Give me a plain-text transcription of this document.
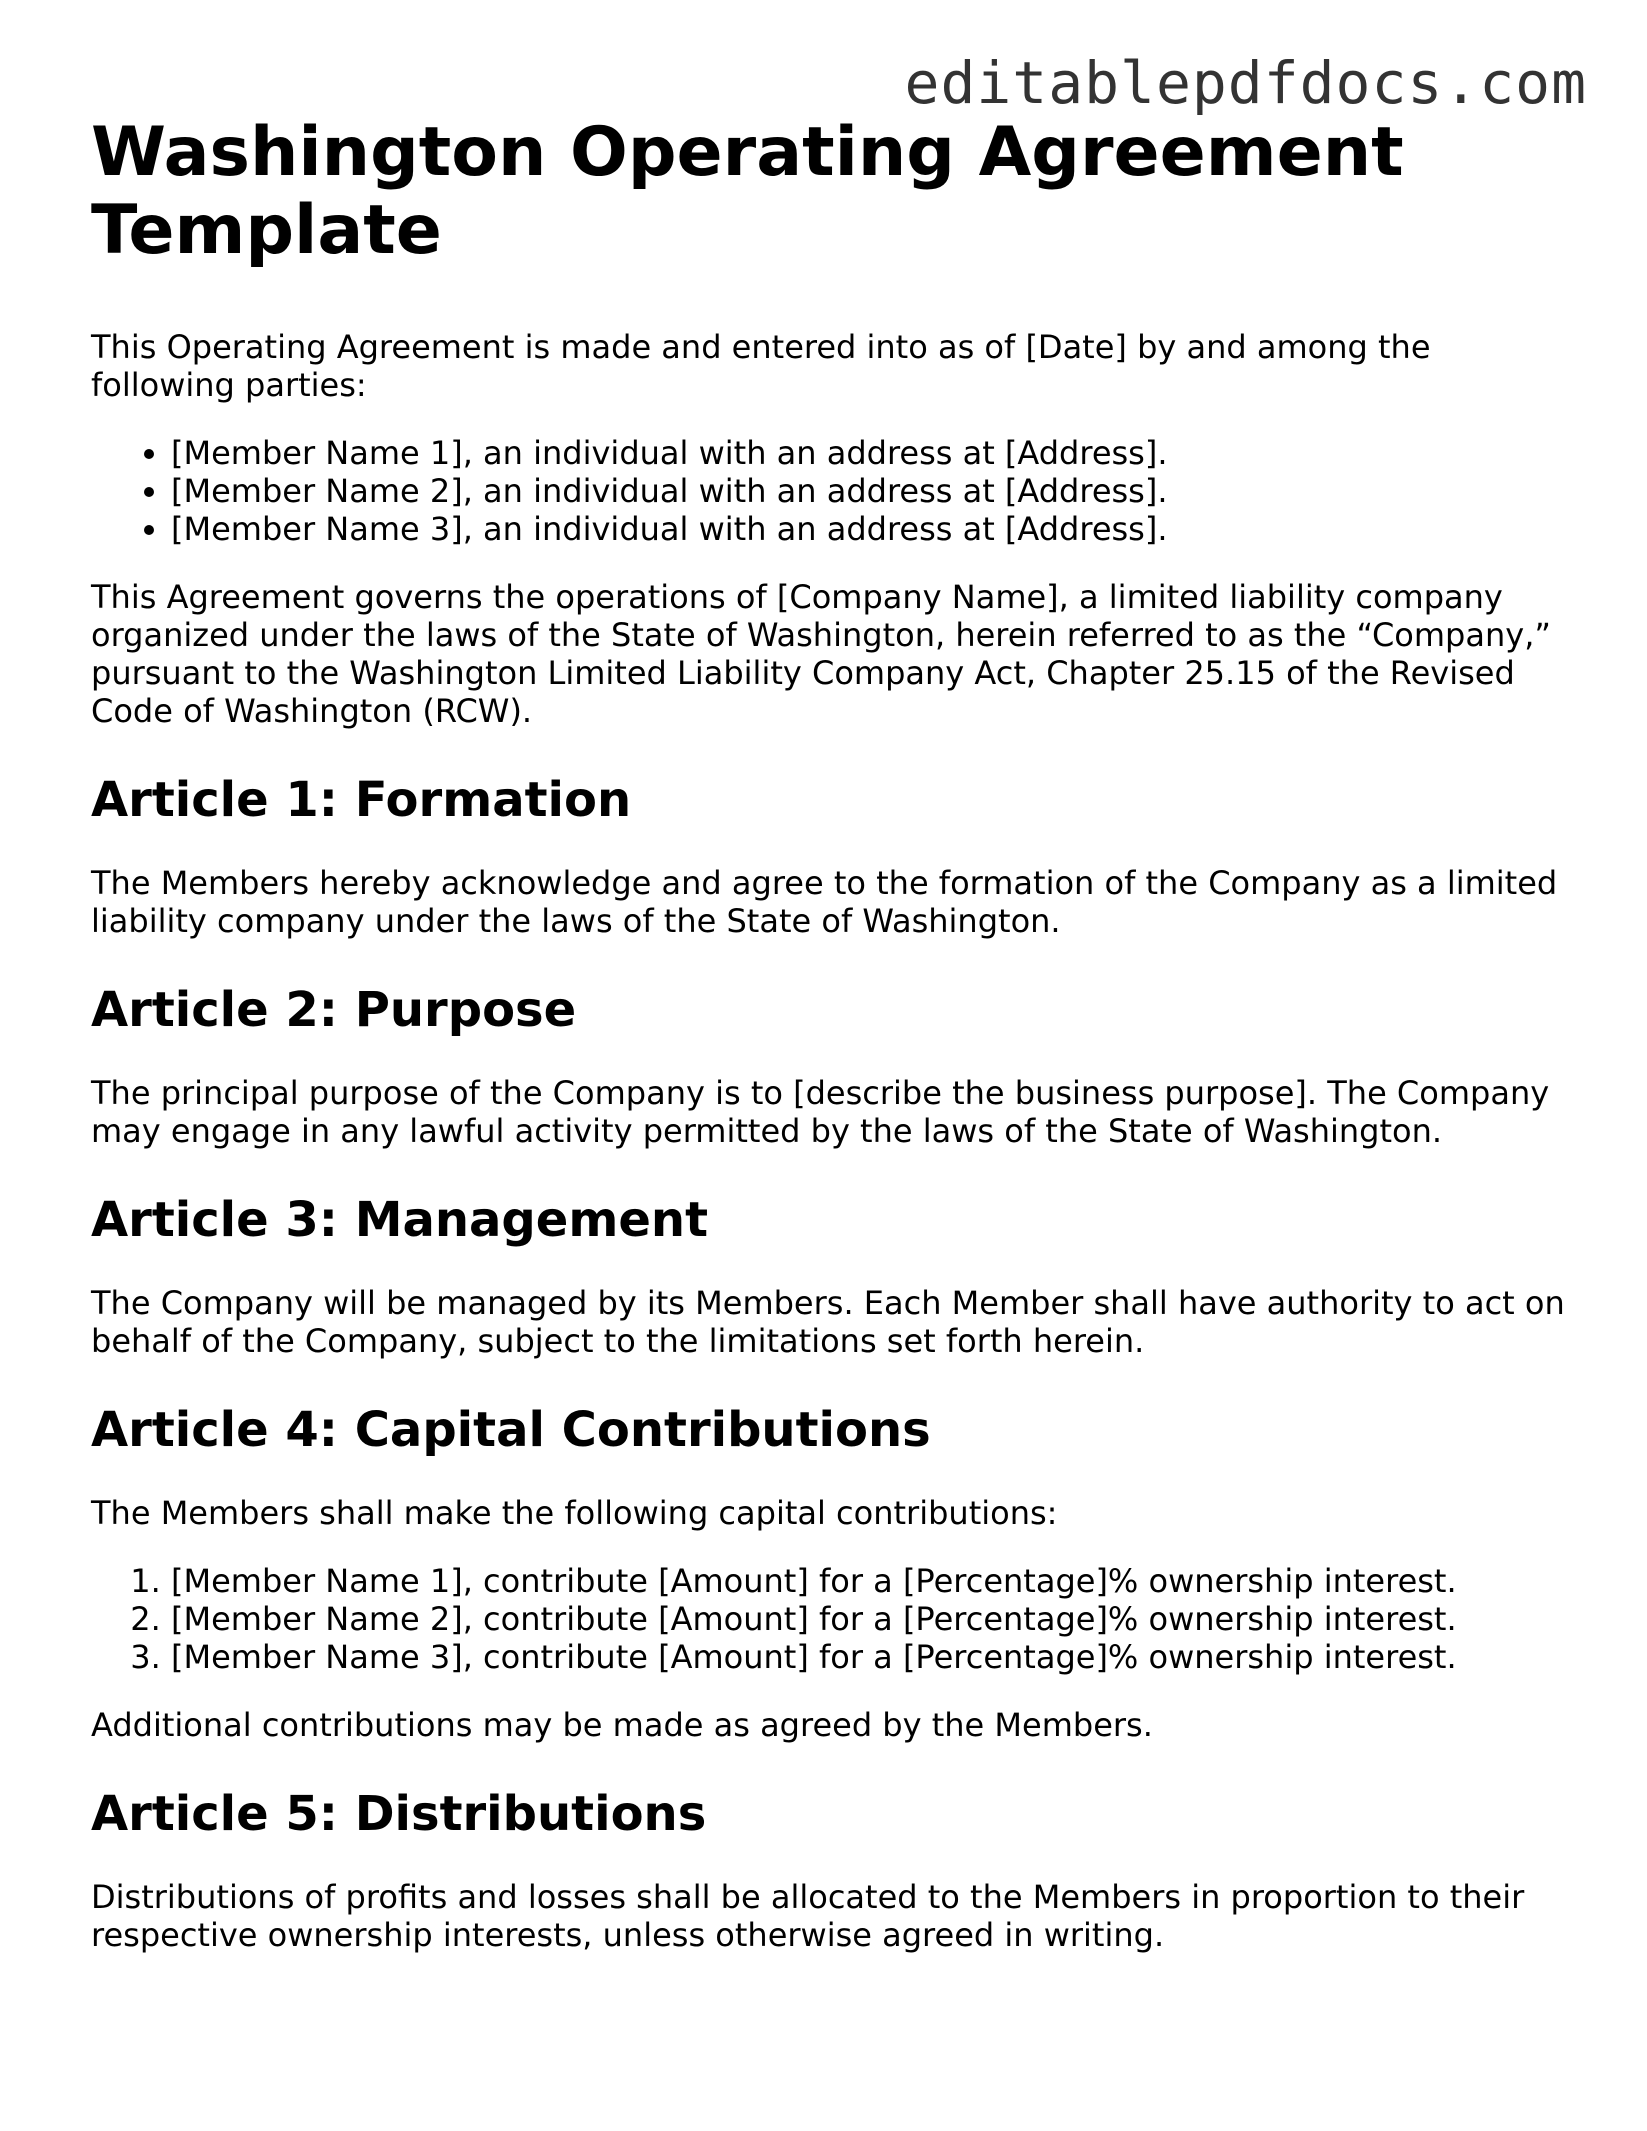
editablepdfdocs.com
Washington Operating Agreement Template

This Operating Agreement is made and entered into as of [Date] by and among the following parties:

• [Member Name 1], an individual with an address at [Address].
• [Member Name 2], an individual with an address at [Address].
• [Member Name 3], an individual with an address at [Address].

This Agreement governs the operations of [Company Name], a limited liability company organized under the laws of the State of Washington, herein referred to as the “Company,” pursuant to the Washington Limited Liability Company Act, Chapter 25.15 of the Revised Code of Washington (RCW).

Article 1: Formation

The Members hereby acknowledge and agree to the formation of the Company as a limited liability company under the laws of the State of Washington.

Article 2: Purpose

The principal purpose of the Company is to [describe the business purpose]. The Company may engage in any lawful activity permitted by the laws of the State of Washington.

Article 3: Management

The Company will be managed by its Members. Each Member shall have authority to act on behalf of the Company, subject to the limitations set forth herein.

Article 4: Capital Contributions

The Members shall make the following capital contributions:

1. [Member Name 1], contribute [Amount] for a [Percentage]% ownership interest.
2. [Member Name 2], contribute [Amount] for a [Percentage]% ownership interest.
3. [Member Name 3], contribute [Amount] for a [Percentage]% ownership interest.

Additional contributions may be made as agreed by the Members.

Article 5: Distributions

Distributions of profits and losses shall be allocated to the Members in proportion to their respective ownership interests, unless otherwise agreed in writing.
